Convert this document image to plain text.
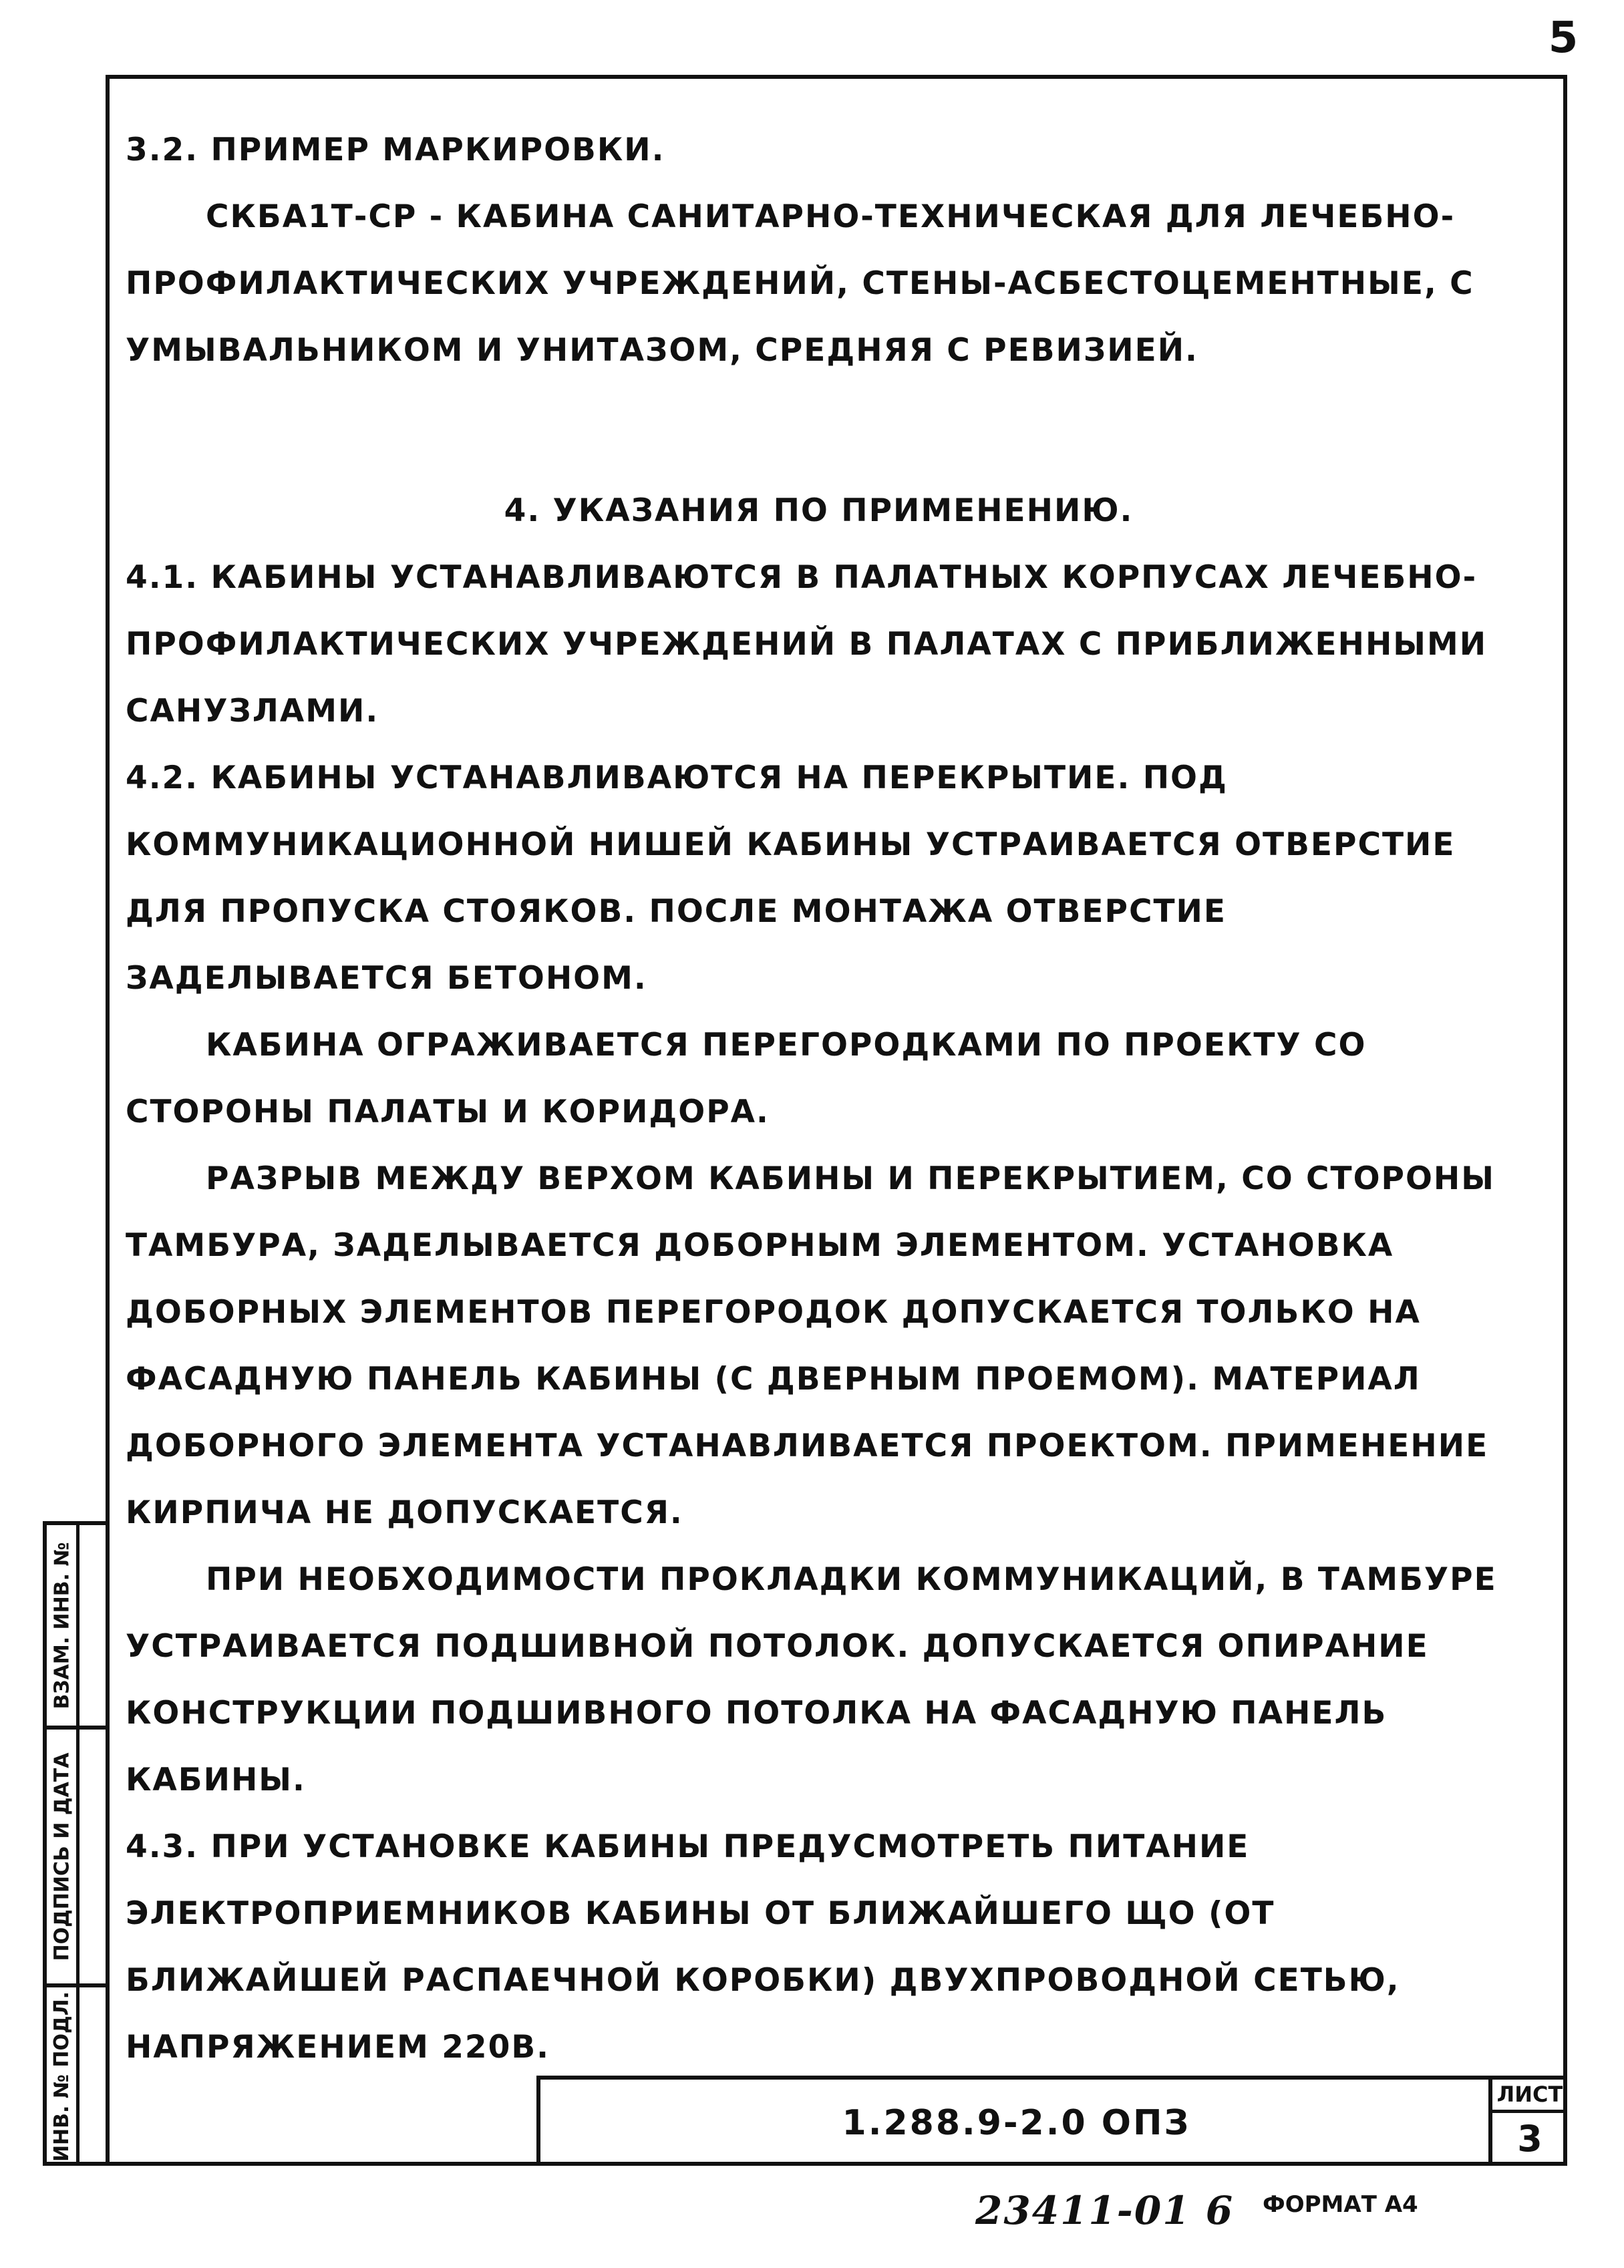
5

3.2. ПРИМЕР МАРКИРОВКИ.

СКБА1Т-СР - КАБИНА САНИТАРНО-ТЕХНИЧЕСКАЯ ДЛЯ ЛЕЧЕБНО-ПРОФИЛАКТИЧЕСКИХ УЧРЕЖДЕНИЙ, СТЕНЫ-АСБЕСТОЦЕМЕНТНЫЕ, С УМЫВАЛЬНИКОМ И УНИТАЗОМ, СРЕДНЯЯ С РЕВИЗИЕЙ.

4. УКАЗАНИЯ ПО ПРИМЕНЕНИЮ.

4.1. КАБИНЫ УСТАНАВЛИВАЮТСЯ В ПАЛАТНЫХ КОРПУСАХ ЛЕЧЕБНО-ПРОФИЛАКТИЧЕСКИХ УЧРЕЖДЕНИЙ В ПАЛАТАХ С ПРИБЛИЖЕННЫМИ САНУЗЛАМИ.

4.2. КАБИНЫ УСТАНАВЛИВАЮТСЯ НА ПЕРЕКРЫТИЕ. ПОД КОММУНИКАЦИОННОЙ НИШЕЙ КАБИНЫ УСТРАИВАЕТСЯ ОТВЕРСТИЕ ДЛЯ ПРОПУСКА СТОЯКОВ. ПОСЛЕ МОНТАЖА ОТВЕРСТИЕ ЗАДЕЛЫВАЕТСЯ БЕТОНОМ.

КАБИНА ОГРАЖИВАЕТСЯ ПЕРЕГОРОДКАМИ ПО ПРОЕКТУ СО СТОРОНЫ ПАЛАТЫ И КОРИДОРА.

РАЗРЫВ МЕЖДУ ВЕРХОМ КАБИНЫ И ПЕРЕКРЫТИЕМ, СО СТОРОНЫ ТАМБУРА, ЗАДЕЛЫВАЕТСЯ ДОБОРНЫМ ЭЛЕМЕНТОМ. УСТАНОВКА ДОБОРНЫХ ЭЛЕМЕНТОВ ПЕРЕГОРОДОК ДОПУСКАЕТСЯ ТОЛЬКО НА ФАСАДНУЮ ПАНЕЛЬ КАБИНЫ (С ДВЕРНЫМ ПРОЕМОМ). МАТЕРИАЛ ДОБОРНОГО ЭЛЕМЕНТА УСТАНАВЛИВАЕТСЯ ПРОЕКТОМ. ПРИМЕНЕНИЕ КИРПИЧА НЕ ДОПУСКАЕТСЯ.

ПРИ НЕОБХОДИМОСТИ ПРОКЛАДКИ КОММУНИКАЦИЙ, В ТАМБУРЕ УСТРАИВАЕТСЯ ПОДШИВНОЙ ПОТОЛОК. ДОПУСКАЕТСЯ ОПИРАНИЕ КОНСТРУКЦИИ ПОДШИВНОГО ПОТОЛКА НА ФАСАДНУЮ ПАНЕЛЬ КАБИНЫ.

4.3. ПРИ УСТАНОВКЕ КАБИНЫ ПРЕДУСМОТРЕТЬ ПИТАНИЕ ЭЛЕКТРОПРИЕМНИКОВ КАБИНЫ ОТ БЛИЖАЙШЕГО ЩО (ОТ БЛИЖАЙШЕЙ РАСПАЕЧНОЙ КОРОБКИ) ДВУХПРОВОДНОЙ СЕТЬЮ, НАПРЯЖЕНИЕМ 220В.

ВЗАМ. ИНВ. №
ПОДПИСЬ И ДАТА
ИНВ. № ПОДЛ.	1.288.9-2.0 ОПЗ
ЛИСТ
3
23411-01 6 ФОРМАТ А4
